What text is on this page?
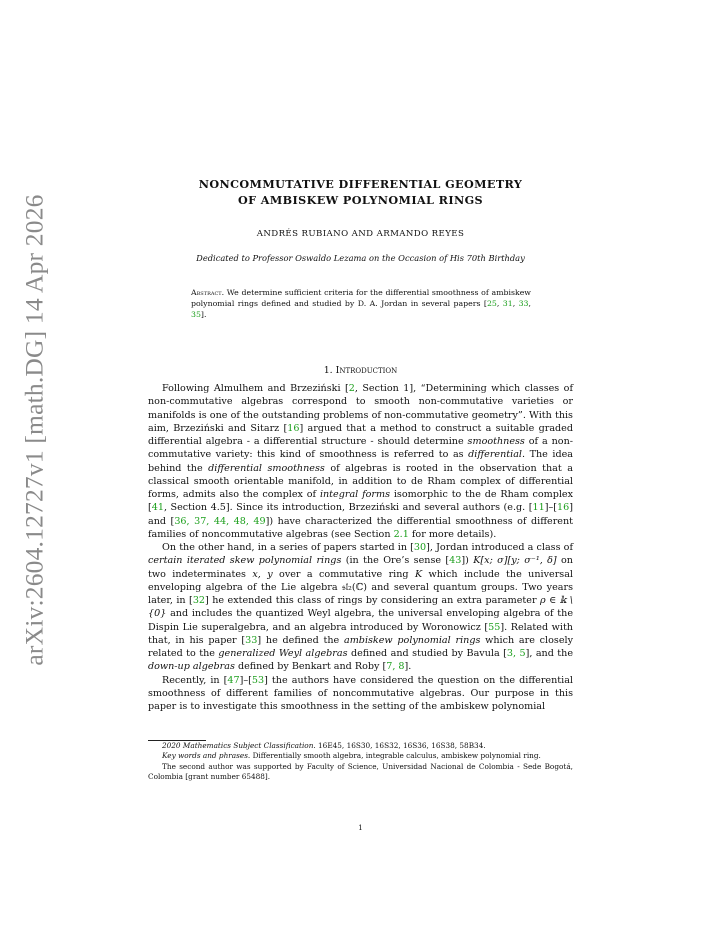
arXiv:2604.12727v1 [math.DG] 14 Apr 2026
NONCOMMUTATIVE DIFFERENTIAL GEOMETRY
OF AMBISKEW POLYNOMIAL RINGS
ANDRÉS RUBIANO AND ARMANDO REYES
Dedicated to Professor Oswaldo Lezama on the Occasion of His 70th Birthday
Abstract. We determine sufficient criteria for the differential smoothness of ambiskew polynomial rings defined and studied by D. A. Jordan in several papers [25, 31, 33, 35].
1. Introduction

Following Almulhem and Brzeziński [2, Section 1], “Determining which classes of non-commutative algebras correspond to smooth non-commutative varieties or manifolds is one of the outstanding problems of non-commutative geometry”. With this aim, Brzeziński and Sitarz [16] argued that a method to construct a suitable graded differential algebra - a differential structure - should determine smoothness of a non-commutative variety: this kind of smoothness is referred to as differential. The idea behind the differential smoothness of algebras is rooted in the observation that a classical smooth orientable manifold, in addition to de Rham complex of differential forms, admits also the complex of integral forms isomorphic to the de Rham complex [41, Section 4.5]. Since its introduction, Brzeziński and several authors (e.g. [11]–[16] and [36, 37, 44, 48, 49]) have characterized the differential smoothness of different families of noncommutative algebras (see Section 2.1 for more details).

On the other hand, in a series of papers started in [30], Jordan introduced a class of certain iterated skew polynomial rings (in the Ore’s sense [43]) K[x; σ][y; σ⁻¹, δ] on two indeterminates x, y over a commutative ring K which include the universal enveloping algebra of the Lie algebra 𝔰𝔩₂(ℂ) and several quantum groups. Two years later, in [32] he extended this class of rings by considering an extra parameter ρ ∈ 𝕜 \ {0} and includes the quantized Weyl algebra, the universal enveloping algebra of the Dispin Lie superalgebra, and an algebra introduced by Woronowicz [55]. Related with that, in his paper [33] he defined the ambiskew polynomial rings which are closely related to the generalized Weyl algebras defined and studied by Bavula [3, 5], and the down-up algebras defined by Benkart and Roby [7, 8].

Recently, in [47]–[53] the authors have considered the question on the differential smoothness of different families of noncommutative algebras. Our purpose in this paper is to investigate this smoothness in the setting of the ambiskew polynomial

2020 Mathematics Subject Classification. 16E45, 16S30, 16S32, 16S36, 16S38, 58B34.

Key words and phrases. Differentially smooth algebra, integrable calculus, ambiskew polynomial ring.

The second author was supported by Faculty of Science, Universidad Nacional de Colombia - Sede Bogotá, Colombia [grant number 65488].

1
